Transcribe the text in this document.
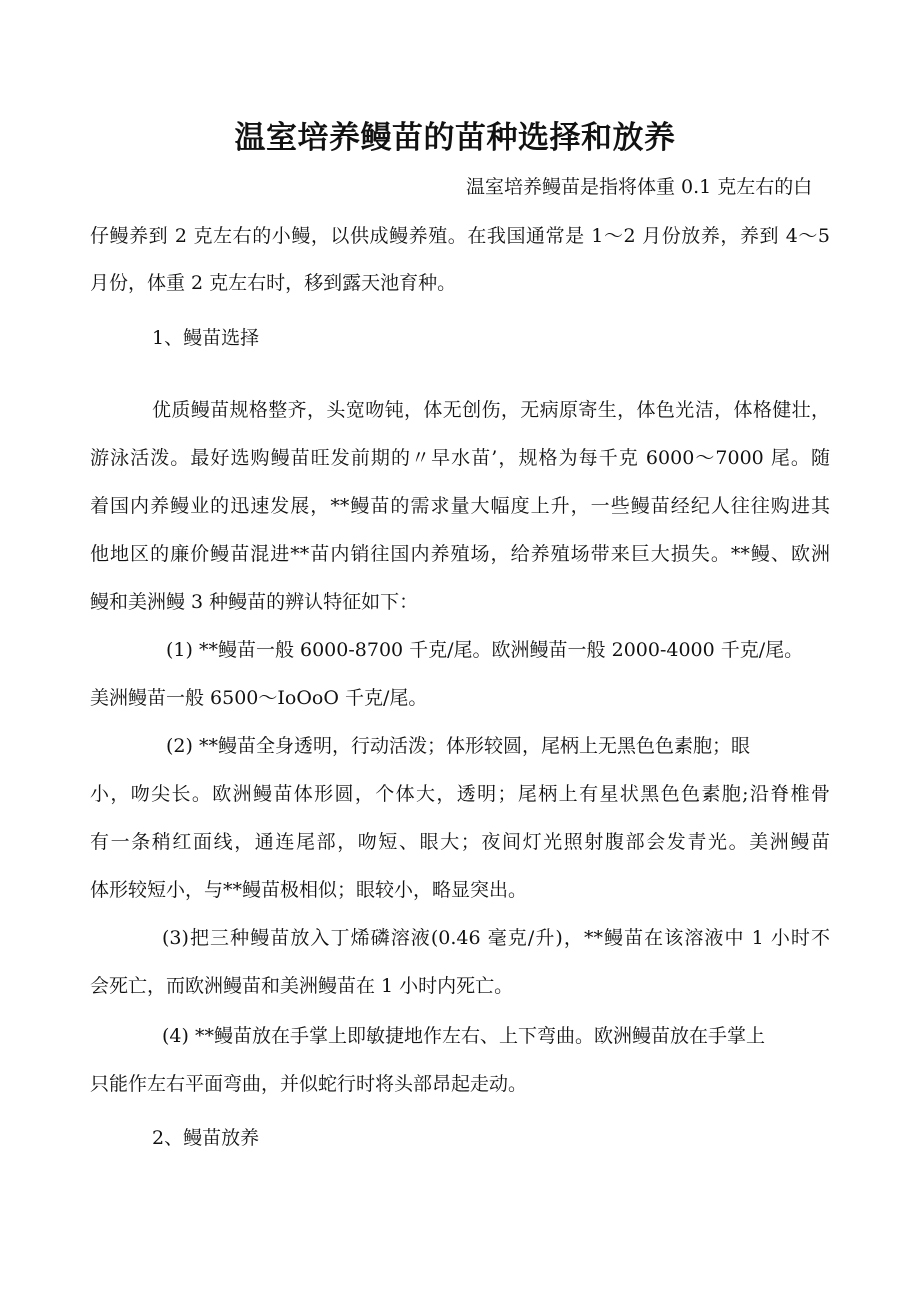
温室培养鳗苗的苗种选择和放养

温室培养鳗苗是指将体重 0.1 克左右的白

仔鳗养到 2 克左右的小鳗，以供成鳗养殖。在我国通常是 1～2 月份放养，养到 4～5

月份，体重 2 克左右时，移到露天池育种。

1、鳗苗选择

优质鳗苗规格整齐，头宽吻钝，体无创伤，无病原寄生，体色光洁，体格健壮，

游泳活泼。最好选购鳗苗旺发前期的〃早水苗’，规格为每千克 6000～7000 尾。随

着国内养鳗业的迅速发展，**鳗苗的需求量大幅度上升，一些鳗苗经纪人往往购进其

他地区的廉价鳗苗混进**苗内销往国内养殖场，给养殖场带来巨大损失。**鳗、欧洲

鳗和美洲鳗 3 种鳗苗的辨认特征如下：

(1) **鳗苗一般 6000-8700 千克/尾。欧洲鳗苗一般 2000-4000 千克/尾。

美洲鳗苗一般 6500～IoOoO 千克/尾。

(2) **鳗苗全身透明，行动活泼；体形较圆，尾柄上无黑色色素胞；眼

小，吻尖长。欧洲鳗苗体形圆，个体大，透明；尾柄上有星状黑色色素胞;沿脊椎骨

有一条稍红面线，通连尾部，吻短、眼大；夜间灯光照射腹部会发青光。美洲鳗苗

体形较短小，与**鳗苗极相似；眼较小，略显突出。

(3)把三种鳗苗放入丁烯磷溶液(0.46 毫克/升)，**鳗苗在该溶液中 1 小时不

会死亡，而欧洲鳗苗和美洲鳗苗在 1 小时内死亡。

(4) **鳗苗放在手掌上即敏捷地作左右、上下弯曲。欧洲鳗苗放在手掌上

只能作左右平面弯曲，并似蛇行时将头部昂起走动。

2、鳗苗放养
